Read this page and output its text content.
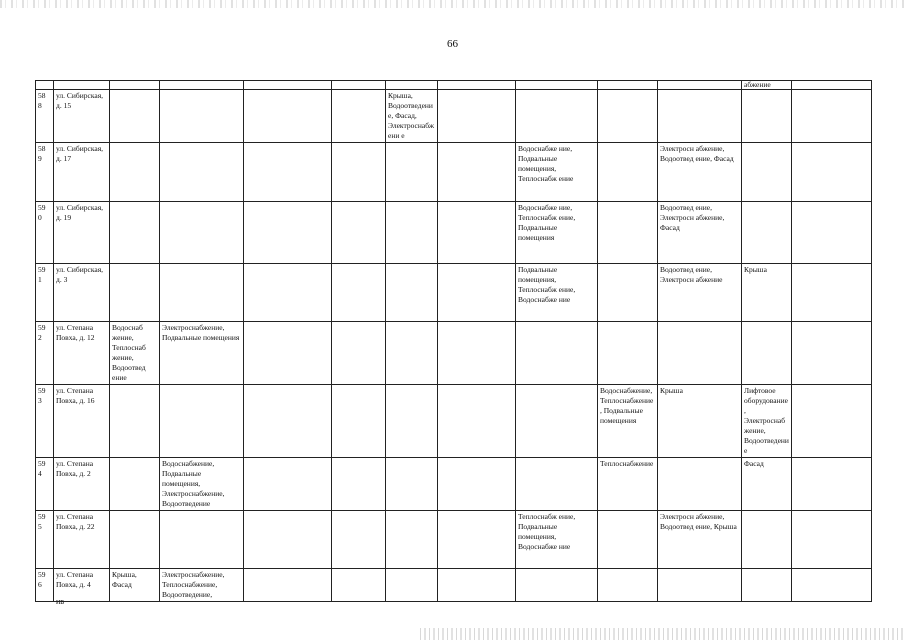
66
											абжение	
58 8	ул. Сибирская, д. 15					Крыша, Водоотведение, Фасад, Электроснабжени е						
58 9	ул. Сибирская, д. 17							Водоснабже ние, Подвальные помещения, Теплоснабж ение		Электросн абжение, Водоотвед ение, Фасад		
59 0	ул. Сибирская, д. 19							Водоснабже ние, Теплоснабж ение, Подвальные помещения		Водоотвед ение, Электросн абжение, Фасад		
59 1	ул. Сибирская, д. 3							Подвальные помещения, Теплоснабж ение, Водоснабже ние		Водоотвед ение, Электросн абжение	Крыша	
59 2	ул. Степана Повха, д. 12	Водоснаб жение, Теплоснаб жение, Водоотвед ение	Электроснабжение, Подвальные помещения									
59 3	ул. Степана Повха, д. 16								Водоснабжение, Теплоснабжение, Подвальные помещения	Крыша	Лифтовое оборудование, Электроснабжение, Водоотведение	
59 4	ул. Степана Повха, д. 2		Водоснабжение, Подвальные помещения, Электроснабжение, Водоотведение						Теплоснабжение		Фасад	
59 5	ул. Степана Повха, д. 22							Теплоснабж ение, Подвальные помещения, Водоснабже ние		Электросн абжение, Водоотвед ение, Крыша		
59 6	ул. Степана Повха, д. 4	Крыша, Фасад	Электроснабжение, Теплоснабжение, Водоотведение,									
ив
